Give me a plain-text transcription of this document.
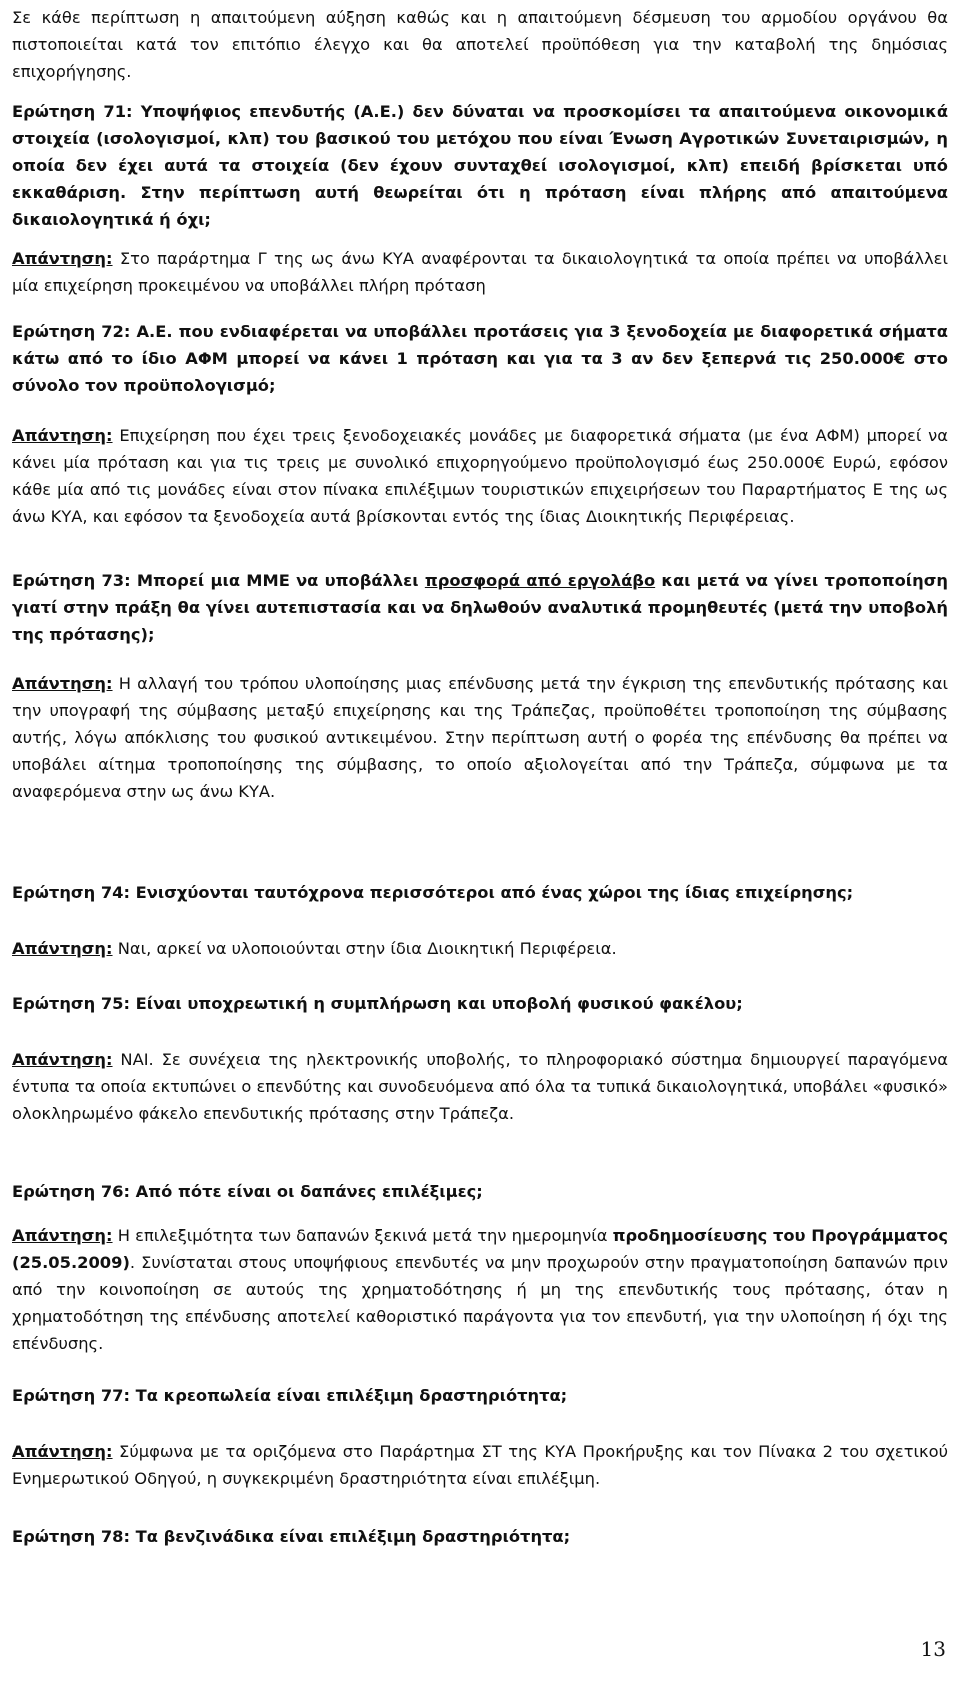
Σε κάθε περίπτωση η απαιτούμενη αύξηση καθώς και η απαιτούμενη δέσμευση του αρμοδίου οργάνου θα πιστοποιείται κατά τον επιτόπιο έλεγχο και θα αποτελεί προϋπόθεση για την καταβολή της δημόσιας επιχορήγησης.

Ερώτηση 71: Υποψήφιος επενδυτής (Α.Ε.) δεν δύναται να προσκομίσει τα απαιτούμενα οικονομικά στοιχεία (ισολογισμοί, κλπ) του βασικού του μετόχου που είναι Ένωση Αγροτικών Συνεταιρισμών, η οποία δεν έχει αυτά τα στοιχεία (δεν έχουν συνταχθεί ισολογισμοί, κλπ) επειδή βρίσκεται υπό εκκαθάριση. Στην περίπτωση αυτή θεωρείται ότι η πρόταση είναι πλήρης από απαιτούμενα δικαιολογητικά ή όχι;

Απάντηση: Στο παράρτημα Γ της ως άνω ΚΥΑ αναφέρονται τα δικαιολογητικά τα οποία πρέπει να υποβάλλει μία επιχείρηση προκειμένου να υποβάλλει πλήρη πρόταση

Ερώτηση 72: Α.Ε. που ενδιαφέρεται να υποβάλλει προτάσεις για 3 ξενοδοχεία με διαφορετικά σήματα κάτω από το ίδιο ΑΦΜ μπορεί να κάνει 1 πρόταση και για τα 3 αν δεν ξεπερνά τις 250.000€ στο σύνολο τον προϋπολογισμό;

Απάντηση: Επιχείρηση που έχει τρεις ξενοδοχειακές μονάδες με διαφορετικά σήματα (με ένα ΑΦΜ) μπορεί να κάνει μία πρόταση και για τις τρεις με συνολικό επιχορηγούμενο προϋπολογισμό έως 250.000€ Ευρώ, εφόσον κάθε μία από τις μονάδες είναι στον πίνακα επιλέξιμων τουριστικών επιχειρήσεων του Παραρτήματος Ε της ως άνω ΚΥΑ, και εφόσον τα ξενοδοχεία αυτά βρίσκονται εντός της ίδιας Διοικητικής Περιφέρειας.

Ερώτηση 73: Μπορεί μια ΜΜΕ να υποβάλλει προσφορά από εργολάβο και μετά να γίνει τροποποίηση γιατί στην πράξη θα γίνει αυτεπιστασία και να δηλωθούν αναλυτικά προμηθευτές (μετά την υποβολή της πρότασης);

Απάντηση: Η αλλαγή του τρόπου υλοποίησης μιας επένδυσης μετά την έγκριση της επενδυτικής πρότασης και την υπογραφή της σύμβασης μεταξύ επιχείρησης και της Τράπεζας, προϋποθέτει τροποποίηση της σύμβασης αυτής, λόγω απόκλισης του φυσικού αντικειμένου. Στην περίπτωση αυτή ο φορέα της επένδυσης θα πρέπει να υποβάλει αίτημα τροποποίησης της σύμβασης, το οποίο αξιολογείται από την Τράπεζα, σύμφωνα με τα αναφερόμενα στην ως άνω ΚΥΑ.

Ερώτηση 74: Ενισχύονται ταυτόχρονα περισσότεροι από ένας χώροι της ίδιας επιχείρησης;

Απάντηση: Ναι, αρκεί να υλοποιούνται στην ίδια Διοικητική Περιφέρεια.

Ερώτηση 75: Είναι υποχρεωτική η συμπλήρωση και υποβολή φυσικού φακέλου;

Απάντηση: ΝΑΙ. Σε συνέχεια της ηλεκτρονικής υποβολής, το πληροφοριακό σύστημα δημιουργεί παραγόμενα έντυπα τα οποία εκτυπώνει ο επενδύτης και συνοδευόμενα από όλα τα τυπικά δικαιολογητικά, υποβάλει «φυσικό» ολοκληρωμένο φάκελο επενδυτικής πρότασης στην Τράπεζα.

Ερώτηση 76: Από πότε είναι οι δαπάνες επιλέξιμες;

Απάντηση: Η επιλεξιμότητα των δαπανών ξεκινά μετά την ημερομηνία προδημοσίευσης του Προγράμματος (25.05.2009). Συνίσταται στους υποψήφιους επενδυτές να μην προχωρούν στην πραγματοποίηση δαπανών πριν από την κοινοποίηση σε αυτούς της χρηματοδότησης ή μη της επενδυτικής τους πρότασης, όταν η χρηματοδότηση της επένδυσης αποτελεί καθοριστικό παράγοντα για τον επενδυτή, για την υλοποίηση ή όχι της επένδυσης.

Ερώτηση 77: Τα κρεοπωλεία είναι επιλέξιμη δραστηριότητα;

Απάντηση: Σύμφωνα με τα οριζόμενα στο Παράρτημα ΣΤ της ΚΥΑ Προκήρυξης και τον Πίνακα 2 του σχετικού Ενημερωτικού Οδηγού, η συγκεκριμένη δραστηριότητα είναι επιλέξιμη.

Ερώτηση 78: Τα βενζινάδικα είναι επιλέξιμη δραστηριότητα;

13
